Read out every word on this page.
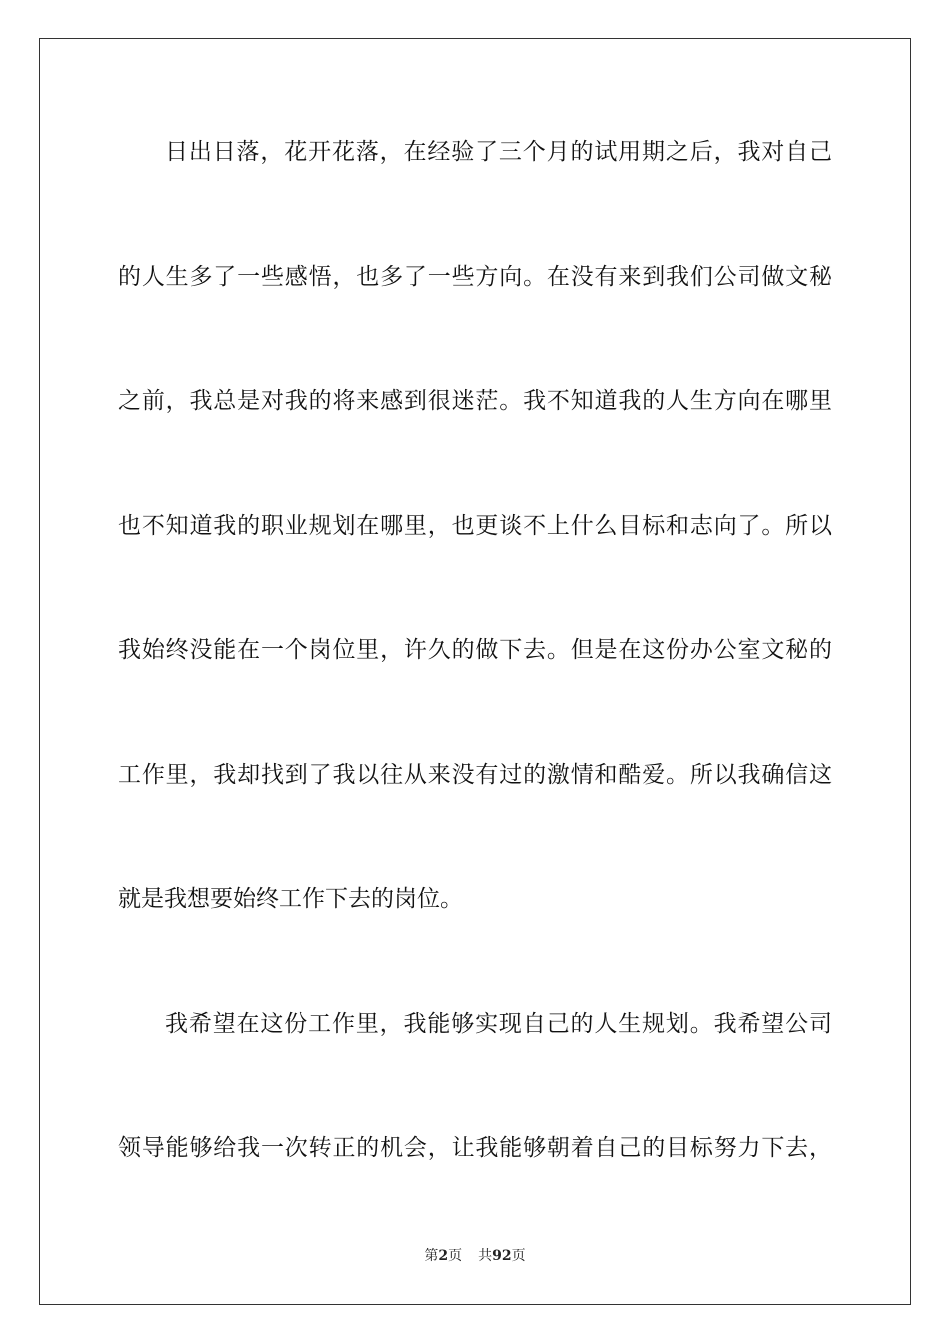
日出日落，花开花落，在经验了三个月的试用期之后，我对自己
的人生多了一些感悟，也多了一些方向。在没有来到我们公司做文秘
之前，我总是对我的将来感到很迷茫。我不知道我的人生方向在哪里
也不知道我的职业规划在哪里，也更谈不上什么目标和志向了。所以
我始终没能在一个岗位里，许久的做下去。但是在这份办公室文秘的
工作里，我却找到了我以往从来没有过的激情和酷爱。所以我确信这
就是我想要始终工作下去的岗位。
我希望在这份工作里，我能够实现自己的人生规划。我希望公司
领导能够给我一次转正的机会，让我能够朝着自己的目标努力下去，
第2页 共92页
